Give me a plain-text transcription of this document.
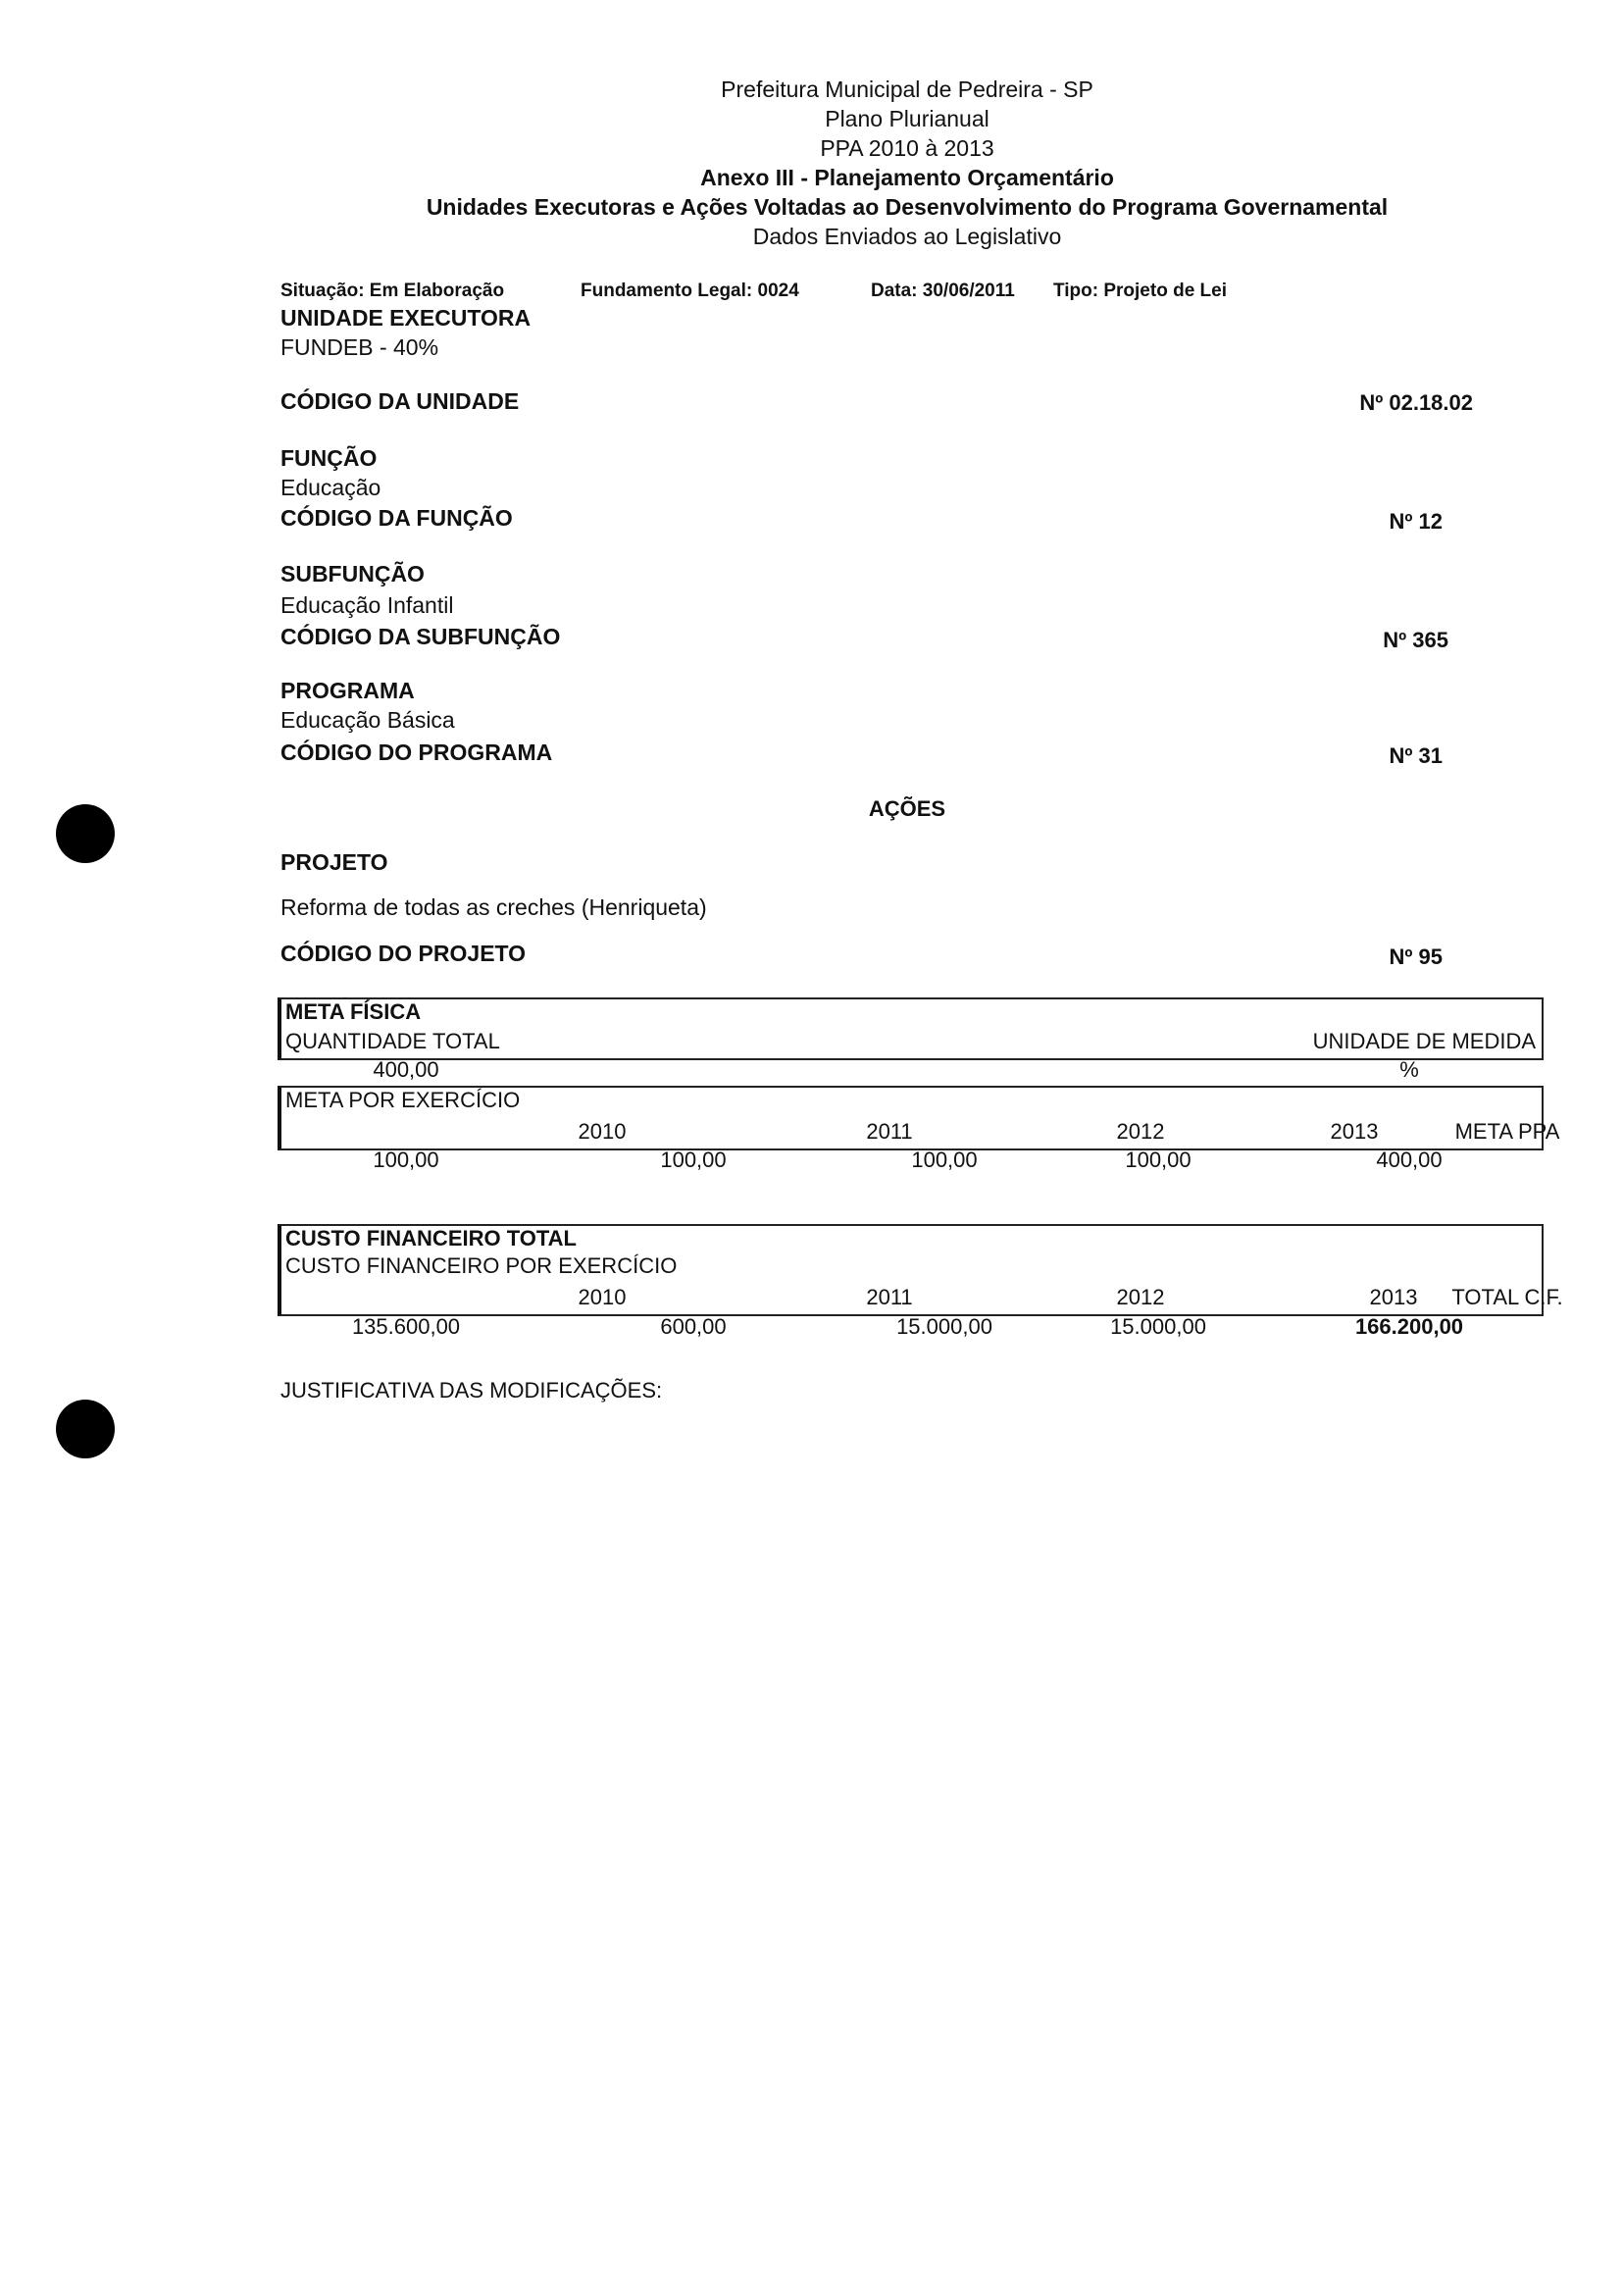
Prefeitura Municipal de Pedreira - SP
Plano Plurianual
PPA 2010 à 2013
Anexo III - Planejamento Orçamentário
Unidades Executoras e Ações Voltadas ao Desenvolvimento do Programa Governamental
Dados Enviados ao Legislativo
Situação: Em Elaboração	Fundamento Legal: 0024	Data: 30/06/2011 Tipo: Projeto de Lei
UNIDADE EXECUTORA
FUNDEB - 40%
CÓDIGO DA UNIDADE	Nº 02.18.02
FUNÇÃO
Educação
CÓDIGO DA FUNÇÃO	Nº 12
SUBFUNÇÃO
Educação Infantil
CÓDIGO DA SUBFUNÇÃO	Nº 365
PROGRAMA
Educação Básica
CÓDIGO DO PROGRAMA	Nº 31
AÇÕES
PROJETO
Reforma de todas as creches (Henriqueta)
CÓDIGO DO PROJETO	Nº 95
META FÍSICA
QUANTIDADE TOTAL	UNIDADE DE MEDIDA
400,00	%
META POR EXERCÍCIO
2010	2011	2012	2013	META PPA
100,00	100,00	100,00	100,00	400,00
CUSTO FINANCEIRO TOTAL
CUSTO FINANCEIRO POR EXERCÍCIO
2010	2011	2012	2013	TOTAL C.F.
135.600,00	600,00	15.000,00	15.000,00	166.200,00
JUSTIFICATIVA DAS MODIFICAÇÕES:
